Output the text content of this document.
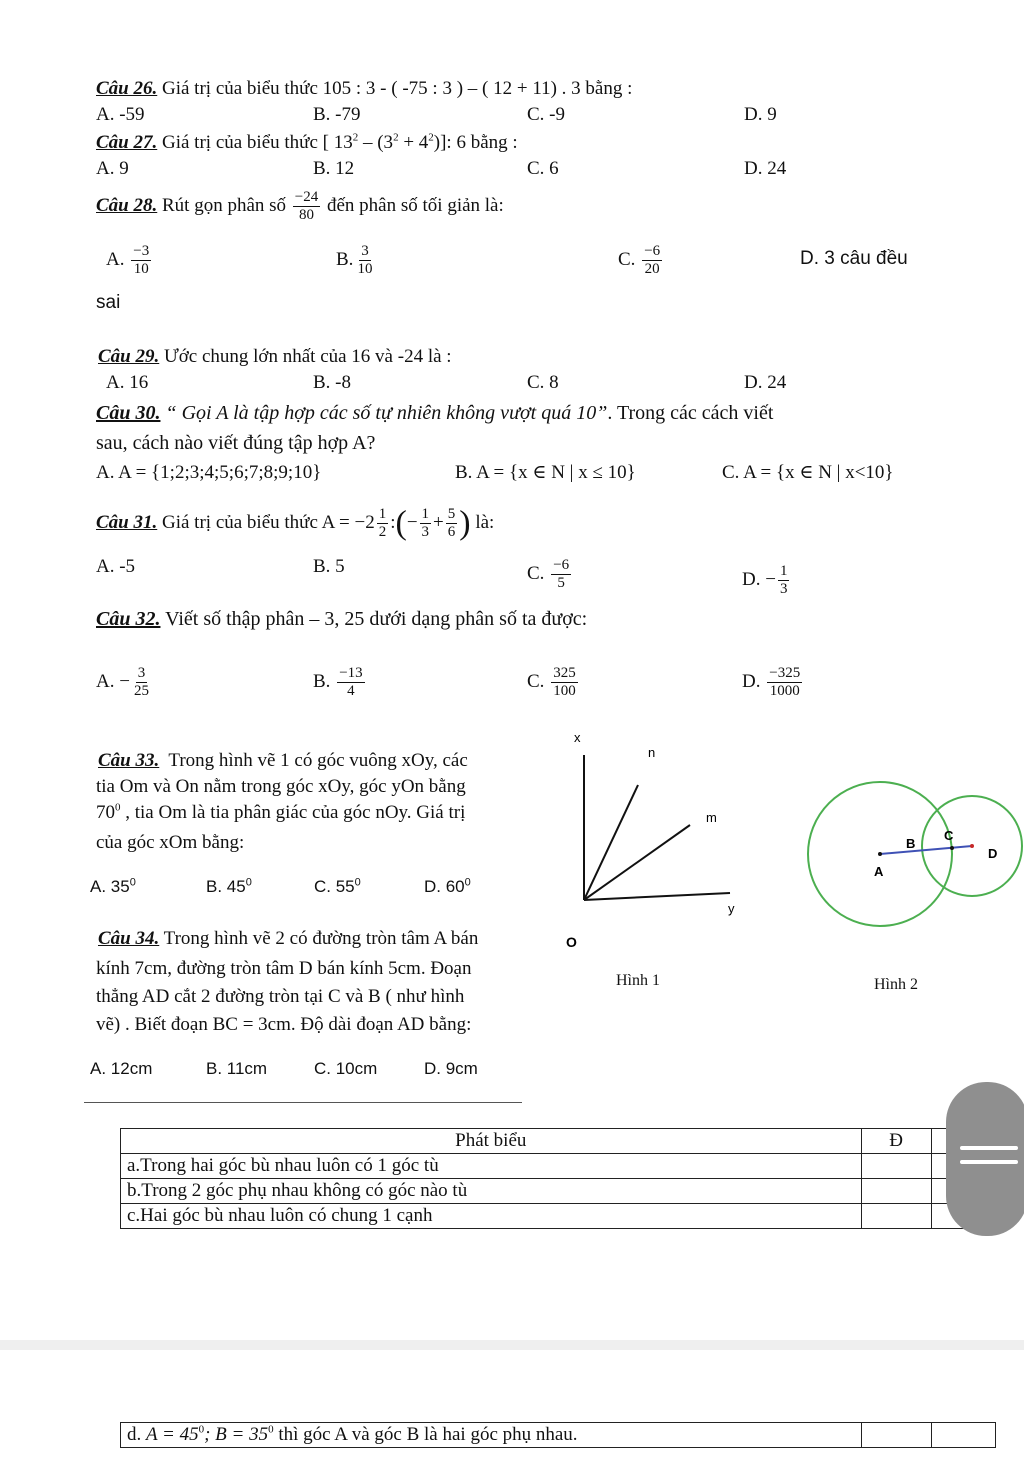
Câu 26. Giá trị của biểu thức 105 : 3 - ( -75 : 3 ) – ( 12 + 11) . 3 bằng :
A. -59	B. -79	C. -9	D. 9
Câu 27. Giá trị của biểu thức [ $13^2 - (3^2 + 4^2)$]: 6 bằng :
A. 9	B. 12	C. 6	D. 24
Câu 28. Rút gọn phân số $\frac{-24}{80}$ đến phân số tối giản là:
A. $\frac{-3}{10}$	B. $\frac{3}{10}$	C. $\frac{-6}{20}$	D. 3 câu đều
sai
Câu 29. Ước chung lớn nhất của 16 và -24 là :
A. 16	B. -8	C. 8	D. 24
Câu 30. “ Gọi A là tập hợp các số tự nhiên không vượt quá 10”. Trong các cách viết
sau, cách nào viết đúng tập hợp A?
A. A = {1;2;3;4;5;6;7;8;9;10}	B. A = {x ∈ N | x ≤ 10}	C. A = {x ∈ N | x<10}
Câu 31. Giá trị của biểu thức $A = -2 \frac{1}{2}$ :(− $\frac{1}{3} + \frac{5}{6}$ ) là:
A. -5	B. 5	C. $\frac{-6}{5}$	D. − $\frac{1}{3}$
Câu 32. Viết số thập phân – 3, 25 dưới dạng phân số ta được:
A. − $\frac{3}{25}$	B. $\frac{-13}{4}$	C. $\frac{325}{100}$	D. $\frac{-325}{1000}$
Câu 33. Trong hình vẽ 1 có góc vuông xOy, các
tia Om và On nằm trong góc xOy, góc yOn bằng
$70^0$ , tia Om là tia phân giác của góc nOy. Giá trị
của góc xOm bằng:
A. $35^0$	B. $45^0$	C. $55^0$	D. $60^0$
Câu 34. Trong hình vẽ 2 có đường tròn tâm A bán
kính 7cm, đường tròn tâm D bán kính 5cm. Đoạn
thẳng AD cắt 2 đường tròn tại C và B ( như hình
vẽ) . Biết đoạn BC = 3cm. Độ dài đoạn AD bằng:
A. 12cm	B. 11cm	C. 10cm	D. 9cm
x
n
m
y
O
Hình 1
B
C
D
A
Hình 2
Phát biểu	Đ	
a.Trong hai góc bù nhau luôn có 1 góc tù		
b.Trong 2 góc phụ nhau không có góc nào tù		
c.Hai góc bù nhau luôn có chung 1 cạnh		
d. $A = 45^0$; $B = 35^0$ thì góc A và góc B là hai góc phụ nhau.		
